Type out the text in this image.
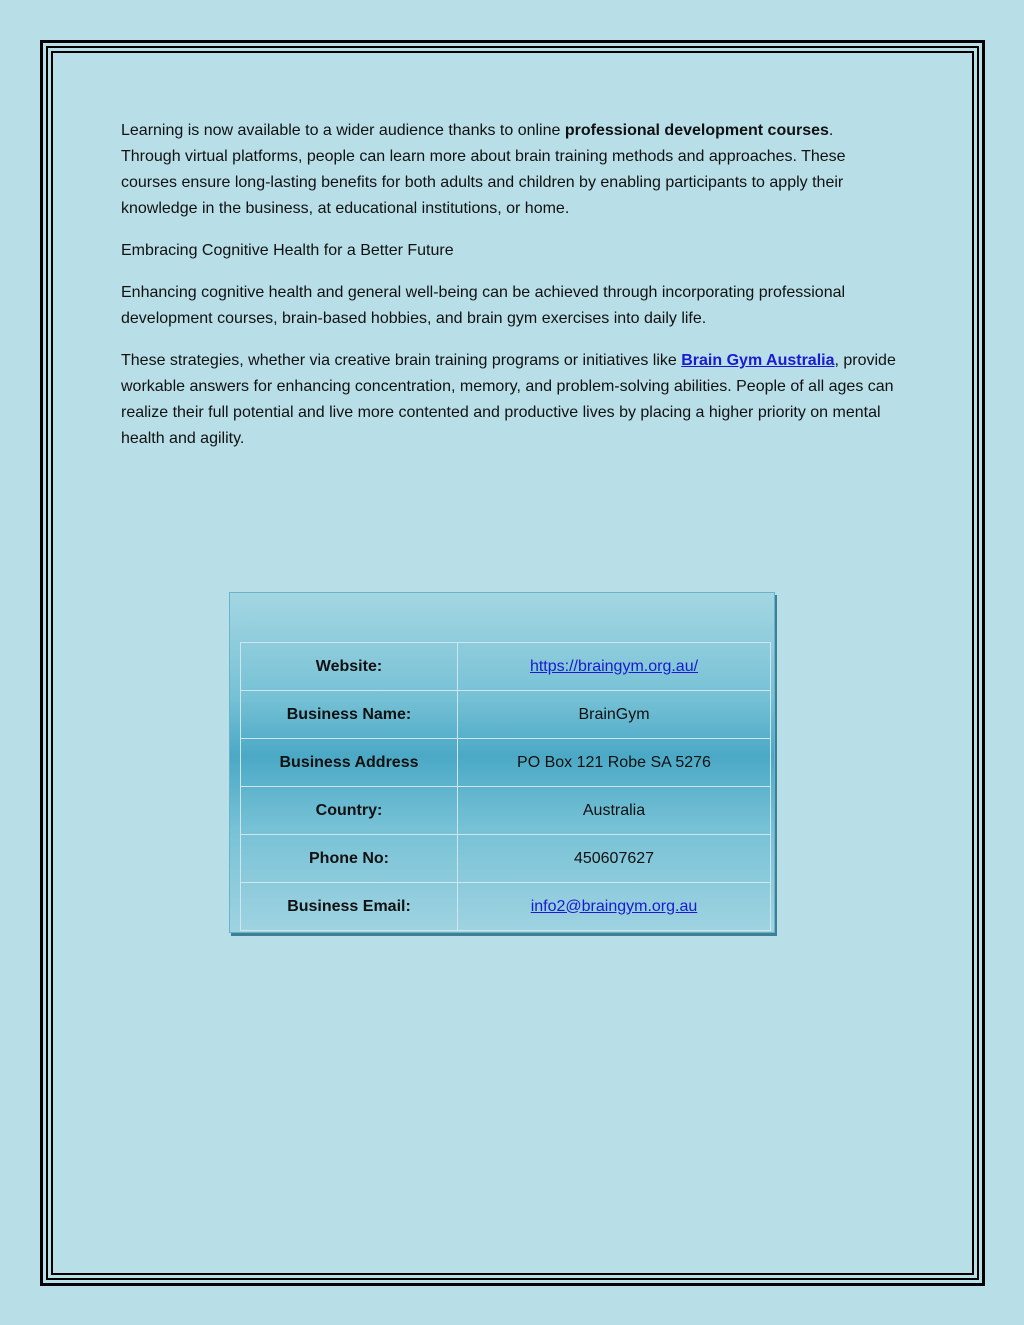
Learning is now available to a wider audience thanks to online professional development courses. Through virtual platforms, people can learn more about brain training methods and approaches. These courses ensure long-lasting benefits for both adults and children by enabling participants to apply their knowledge in the business, at educational institutions, or home.

Embracing Cognitive Health for a Better Future

Enhancing cognitive health and general well-being can be achieved through incorporating professional development courses, brain-based hobbies, and brain gym exercises into daily life.

These strategies, whether via creative brain training programs or initiatives like Brain Gym Australia, provide workable answers for enhancing concentration, memory, and problem-solving abilities. People of all ages can realize their full potential and live more contented and productive lives by placing a higher priority on mental health and agility.

Website:	https://braingym.org.au/
Business Name:	BrainGym
Business Address	PO Box 121 Robe SA 5276
Country:	Australia
Phone No:	450607627
Business Email:	info2@braingym.org.au
